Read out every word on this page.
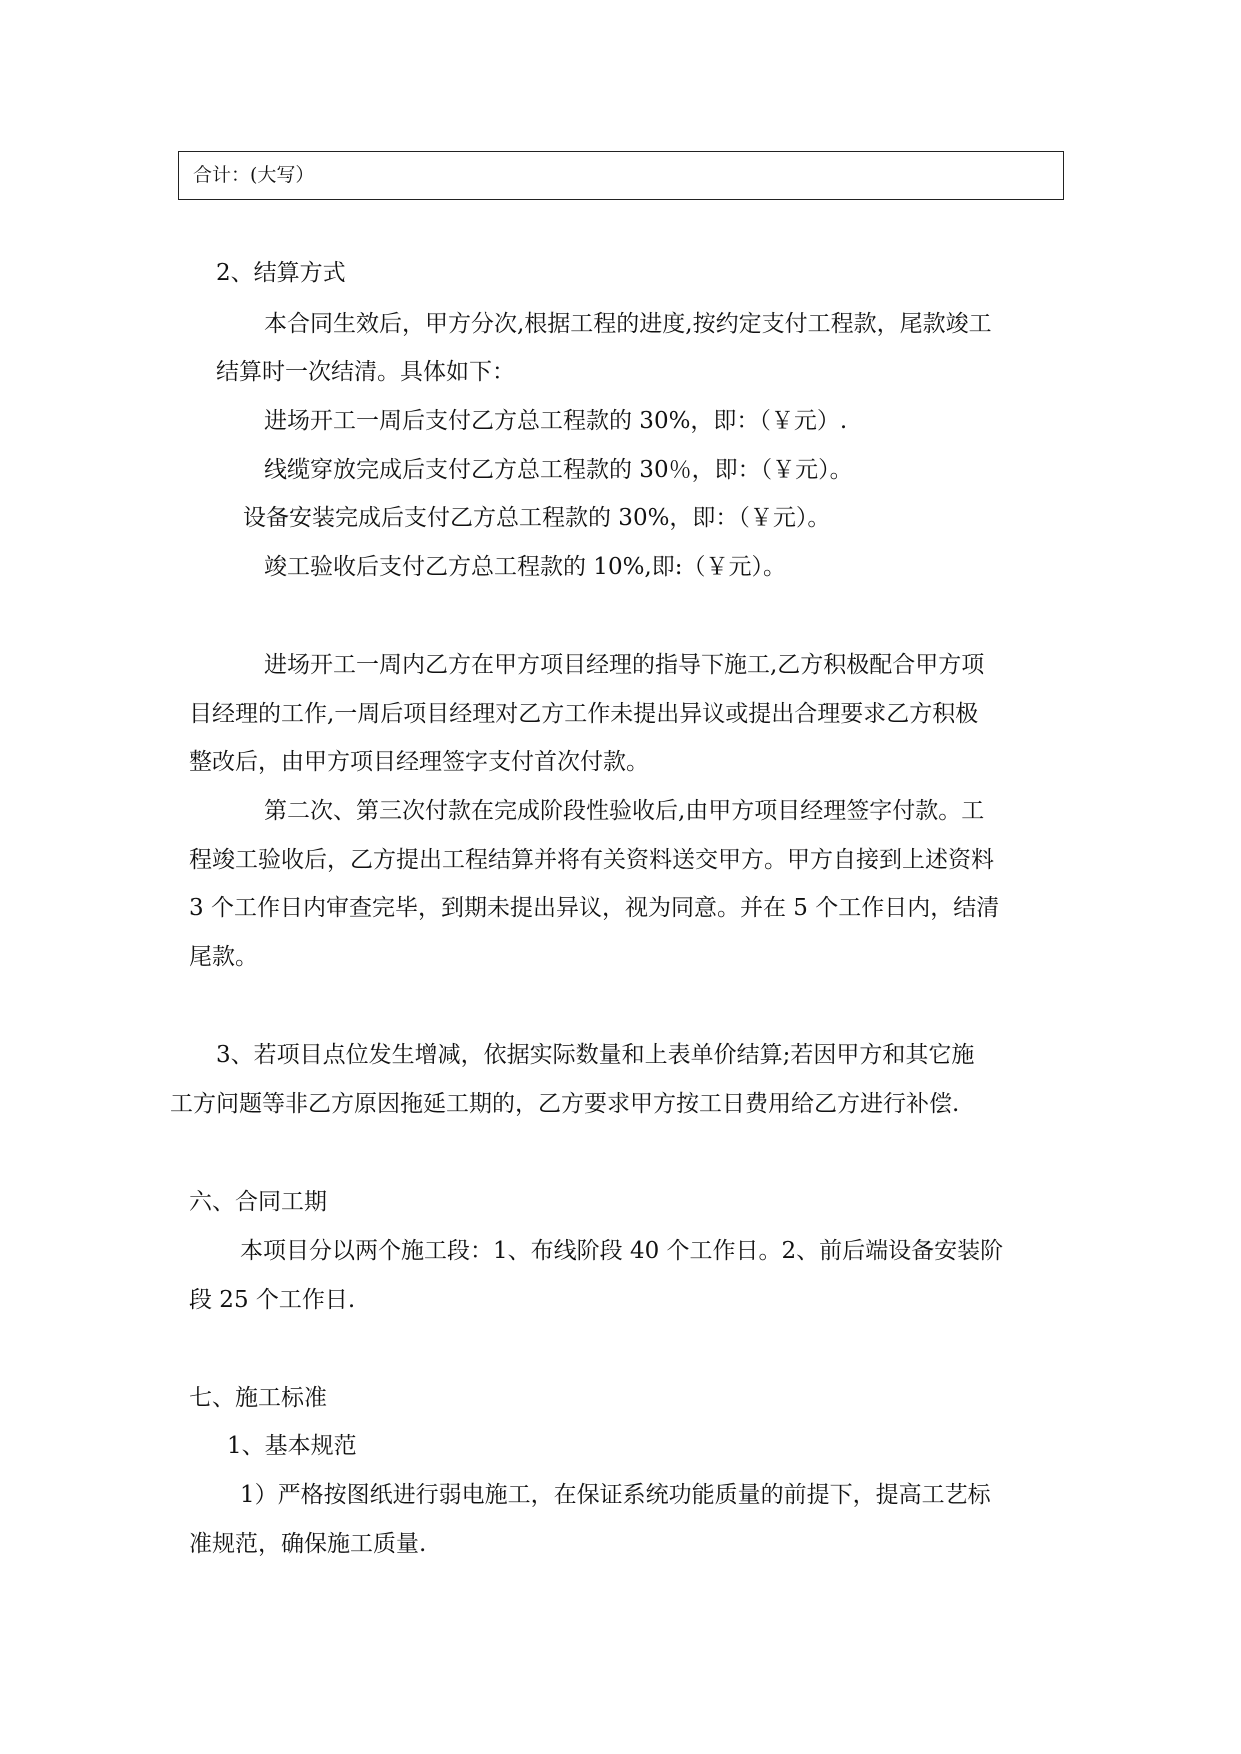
合计：(大写）
2、结算方式
本合同生效后，甲方分次,根据工程的进度,按约定支付工程款，尾款竣工
结算时一次结清。具体如下：
进场开工一周后支付乙方总工程款的 30%，即：（￥元）.
线缆穿放完成后支付乙方总工程款的 30％，即：（￥元）。
设备安装完成后支付乙方总工程款的 30%，即：（￥元）。
竣工验收后支付乙方总工程款的 10%,即:（￥元）。
进场开工一周内乙方在甲方项目经理的指导下施工,乙方积极配合甲方项
目经理的工作,一周后项目经理对乙方工作未提出异议或提出合理要求乙方积极
整改后，由甲方项目经理签字支付首次付款。
第二次、第三次付款在完成阶段性验收后,由甲方项目经理签字付款。工
程竣工验收后，乙方提出工程结算并将有关资料送交甲方。甲方自接到上述资料
3 个工作日内审查完毕，到期未提出异议，视为同意。并在 5 个工作日内，结清
尾款。
3、若项目点位发生增减，依据实际数量和上表单价结算;若因甲方和其它施
工方问题等非乙方原因拖延工期的，乙方要求甲方按工日费用给乙方进行补偿.
六、合同工期
本项目分以两个施工段：1、布线阶段 40 个工作日。2、前后端设备安装阶
段 25 个工作日.
七、施工标准
1、基本规范
1）严格按图纸进行弱电施工，在保证系统功能质量的前提下，提高工艺标
准规范，确保施工质量.
